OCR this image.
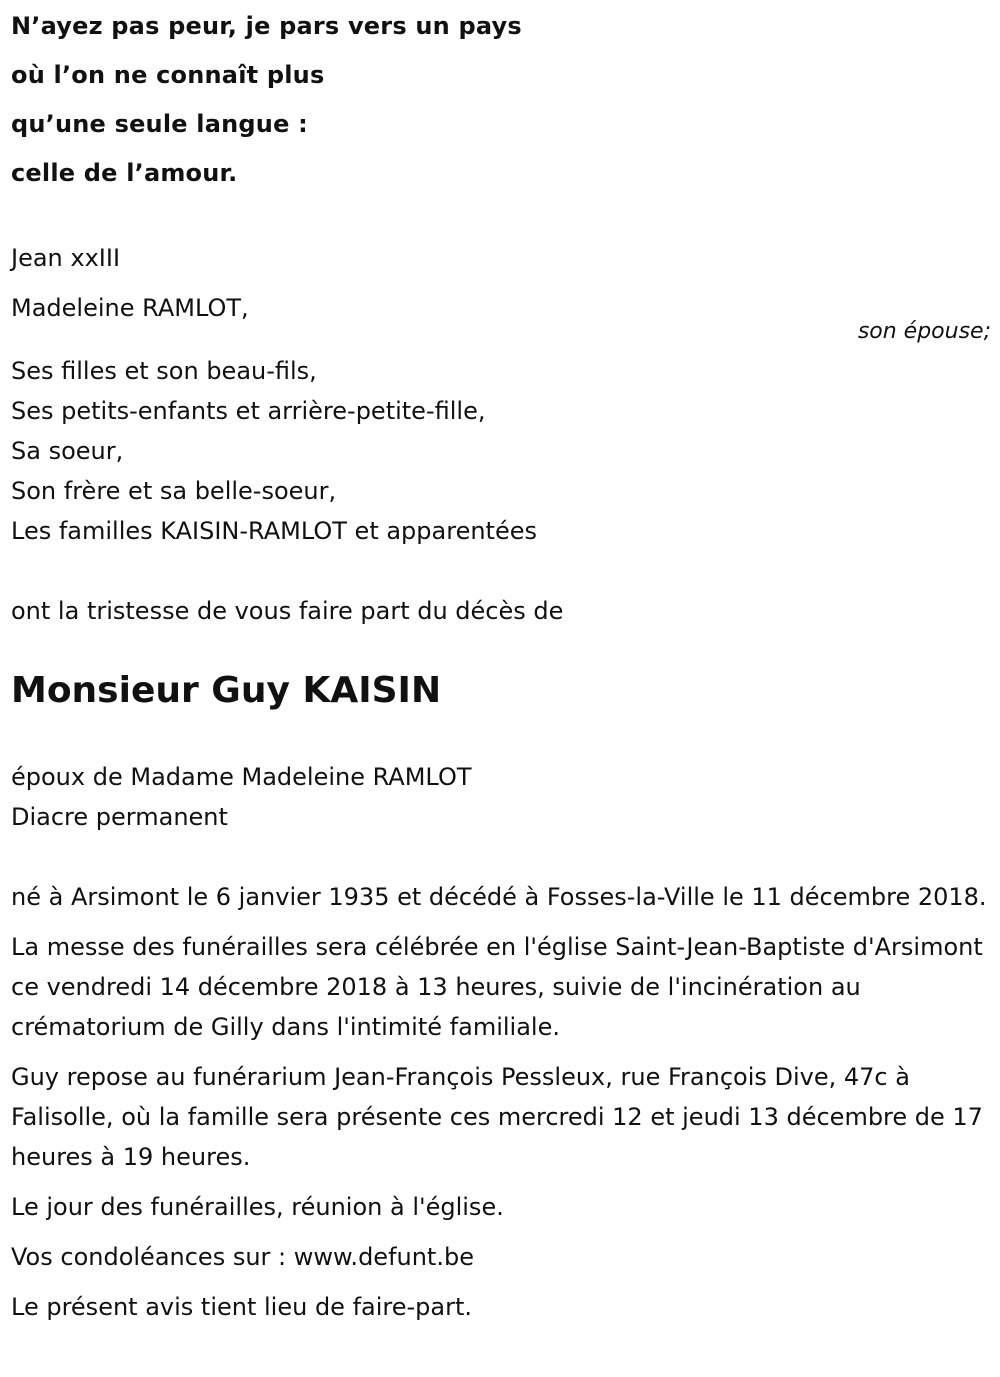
N’ayez pas peur, je pars vers un pays
où l’on ne connaît plus
qu’une seule langue :
celle de l’amour.
Jean xxIII
Madeleine RAMLOT,
son épouse;
Ses filles et son beau-fils,
Ses petits-enfants et arrière-petite-fille,
Sa soeur,
Son frère et sa belle-soeur,
Les familles KAISIN-RAMLOT et apparentées
ont la tristesse de vous faire part du décès de
Monsieur Guy KAISIN
époux de Madame Madeleine RAMLOT
Diacre permanent

né à Arsimont le 6 janvier 1935 et décédé à Fosses-la-Ville le 11 décembre 2018.

La messe des funérailles sera célébrée en l'église Saint-Jean-Baptiste d'Arsimont ce vendredi 14 décembre 2018 à 13 heures, suivie de l'incinération au crématorium de Gilly dans l'intimité familiale.

Guy repose au funérarium Jean-François Pessleux, rue François Dive, 47c à Falisolle, où la famille sera présente ces mercredi 12 et jeudi 13 décembre de 17 heures à 19 heures.

Le jour des funérailles, réunion à l'église.

Vos condoléances sur : www.defunt.be

Le présent avis tient lieu de faire-part.
